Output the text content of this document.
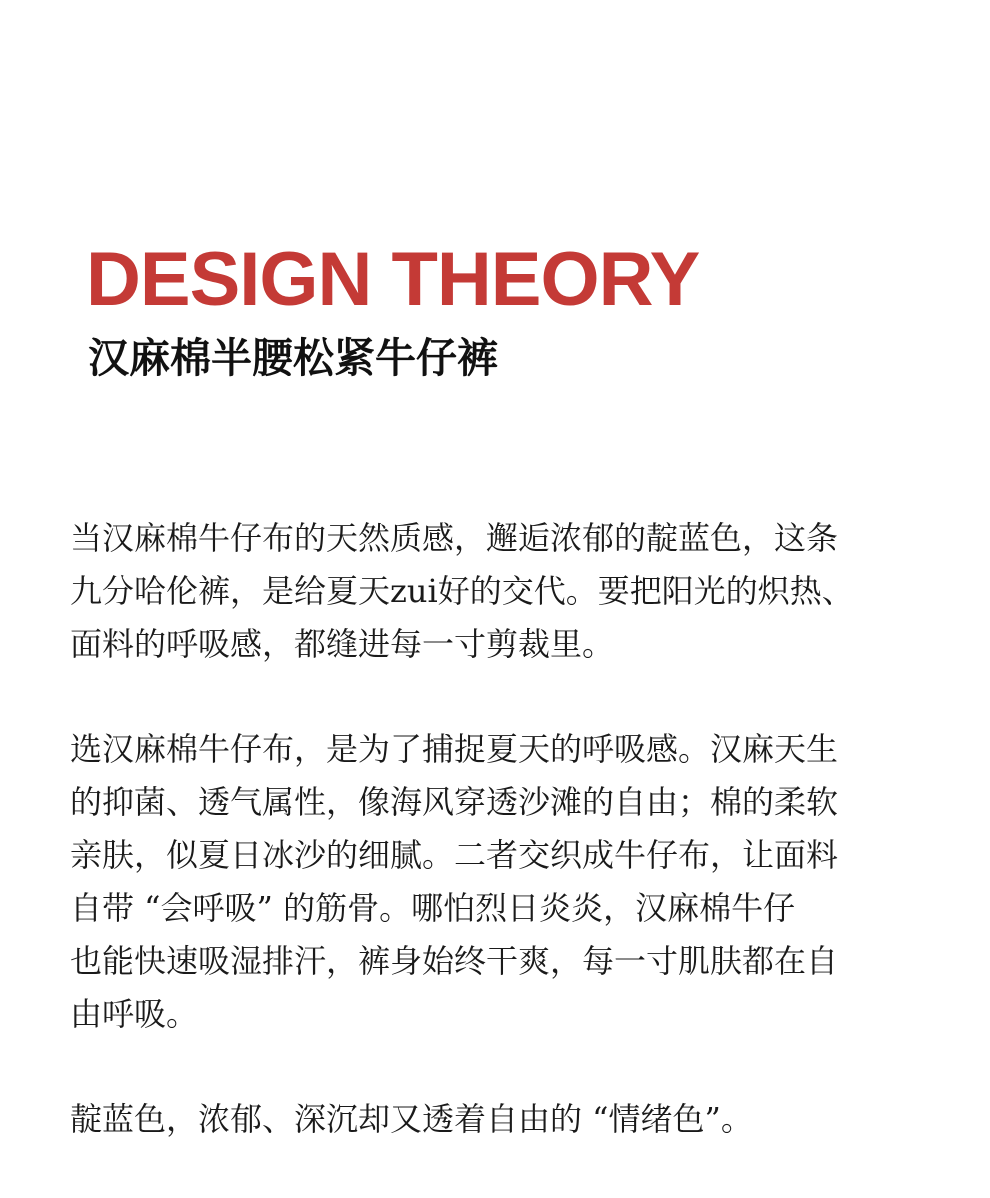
DESIGN THEORY
汉麻棉半腰松紧牛仔裤

当汉麻棉牛仔布的天然质感，邂逅浓郁的靛蓝色，这条
九分哈伦裤，是给夏天zui好的交代。要把阳光的炽热、
面料的呼吸感，都缝进每一寸剪裁里。

选汉麻棉牛仔布，是为了捕捉夏天的呼吸感。汉麻天生
的抑菌、透气属性，像海风穿透沙滩的自由；棉的柔软
亲肤，似夏日冰沙的细腻。二者交织成牛仔布，让面料
自带 “会呼吸” 的筋骨。哪怕烈日炎炎，汉麻棉牛仔
也能快速吸湿排汗，裤身始终干爽，每一寸肌肤都在自
由呼吸。

靛蓝色，浓郁、深沉却又透着自由的 “情绪色”。
